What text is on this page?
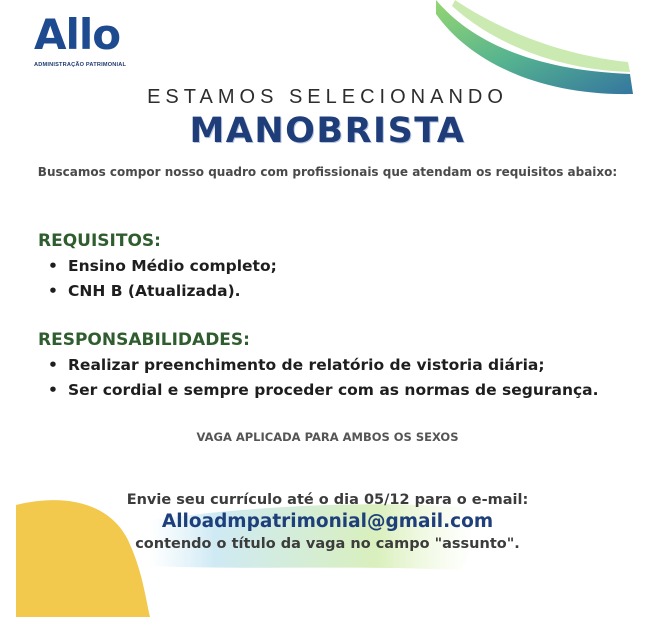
Allo
ADMINISTRAÇÃO PATRIMONIAL
ESTAMOS SELECIONANDO
MANOBRISTA
Buscamos compor nosso quadro com profissionais que atendam os requisitos abaixo:
REQUISITOS:
• Ensino Médio completo;
• CNH B (Atualizada).
RESPONSABILIDADES:
• Realizar preenchimento de relatório de vistoria diária;
• Ser cordial e sempre proceder com as normas de segurança.
VAGA APLICADA PARA AMBOS OS SEXOS
Envie seu currículo até o dia 05/12 para o e-mail:
Alloadmpatrimonial@gmail.com
contendo o título da vaga no campo "assunto".
